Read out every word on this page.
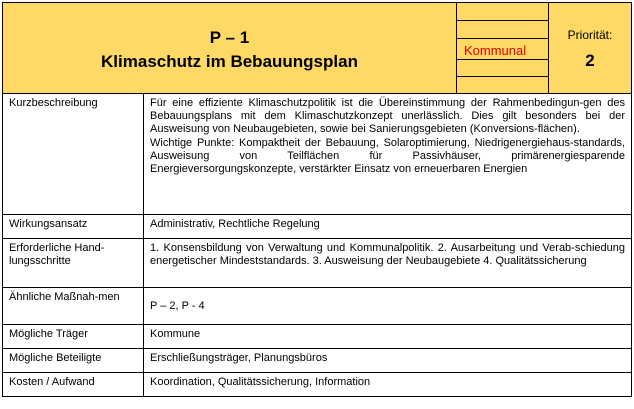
P – 1
Klimaschutz im Bebauungsplan
Kommunal
Priorität:
2
Kurzbeschreibung	Für eine effiziente Klimaschutzpolitik ist die Übereinstimmung der Rahmenbedingun-gen des Bebauungsplans mit dem Klimaschutzkonzept unerlässlich. Dies gilt besonders bei der Ausweisung von Neubaugebieten, sowie bei Sanierungsgebieten (Konversions-flächen).
Wichtige Punkte: Kompaktheit der Bebauung, Solaroptimierung, Niedrigenergiehaus-standards, Ausweisung von Teilflächen für Passivhäuser, primärenergiesparende Energieversorgungskonzepte, verstärkter Einsatz von erneuerbaren Energien

Wirkungsansatz	Administrativ, Rechtliche Regelung
Erforderliche Hand-lungsschritte	1. Konsensbildung von Verwaltung und Kommunalpolitik. 2. Ausarbeitung und Verab-schiedung energetischer Mindeststandards. 3. Ausweisung der Neubaugebiete 4. Qualitätssicherung
Ähnliche Maßnah-men	P – 2, P - 4
Mögliche Träger	Kommune
Mögliche Beteiligte	Erschließungsträger, Planungsbüros
Kosten / Aufwand	Koordination, Qualitätssicherung, Information
